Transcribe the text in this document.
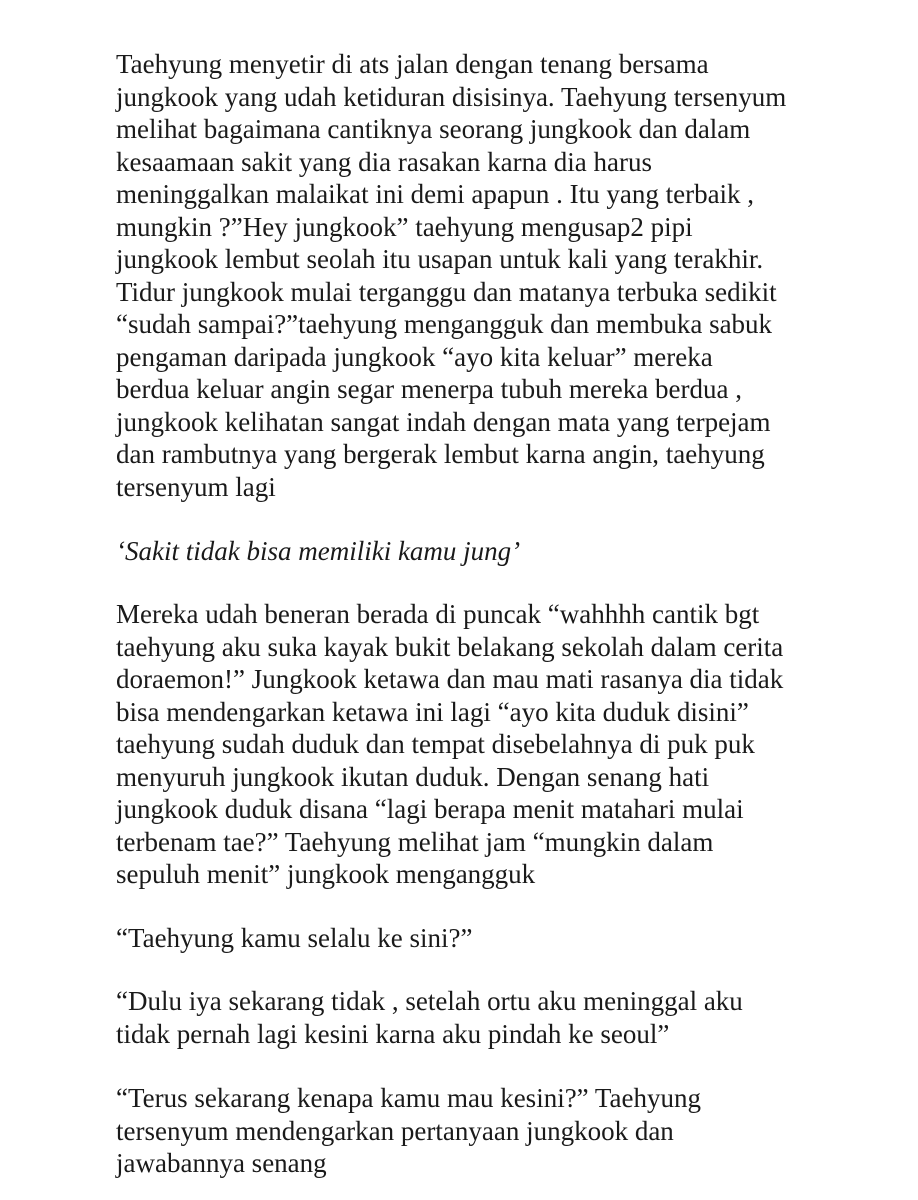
Taehyung menyetir di ats jalan dengan tenang bersama
jungkook yang udah ketiduran disisinya. Taehyung tersenyum
melihat bagaimana cantiknya seorang jungkook dan dalam
kesaamaan sakit yang dia rasakan karna dia harus
meninggalkan malaikat ini demi apapun . Itu yang terbaik ,
mungkin ?”Hey jungkook” taehyung mengusap2 pipi
jungkook lembut seolah itu usapan untuk kali yang terakhir.
Tidur jungkook mulai terganggu dan matanya terbuka sedikit
“sudah sampai?”taehyung mengangguk dan membuka sabuk
pengaman daripada jungkook “ayo kita keluar” mereka
berdua keluar angin segar menerpa tubuh mereka berdua ,
jungkook kelihatan sangat indah dengan mata yang terpejam
dan rambutnya yang bergerak lembut karna angin, taehyung
tersenyum lagi

‘Sakit tidak bisa memiliki kamu jung’

Mereka udah beneran berada di puncak “wahhhh cantik bgt
taehyung aku suka kayak bukit belakang sekolah dalam cerita
doraemon!” Jungkook ketawa dan mau mati rasanya dia tidak
bisa mendengarkan ketawa ini lagi “ayo kita duduk disini”
taehyung sudah duduk dan tempat disebelahnya di puk puk
menyuruh jungkook ikutan duduk. Dengan senang hati
jungkook duduk disana “lagi berapa menit matahari mulai
terbenam tae?” Taehyung melihat jam “mungkin dalam
sepuluh menit” jungkook mengangguk

“Taehyung kamu selalu ke sini?”

“Dulu iya sekarang tidak , setelah ortu aku meninggal aku
tidak pernah lagi kesini karna aku pindah ke seoul”

“Terus sekarang kenapa kamu mau kesini?” Taehyung
tersenyum mendengarkan pertanyaan jungkook dan
jawabannya senang
